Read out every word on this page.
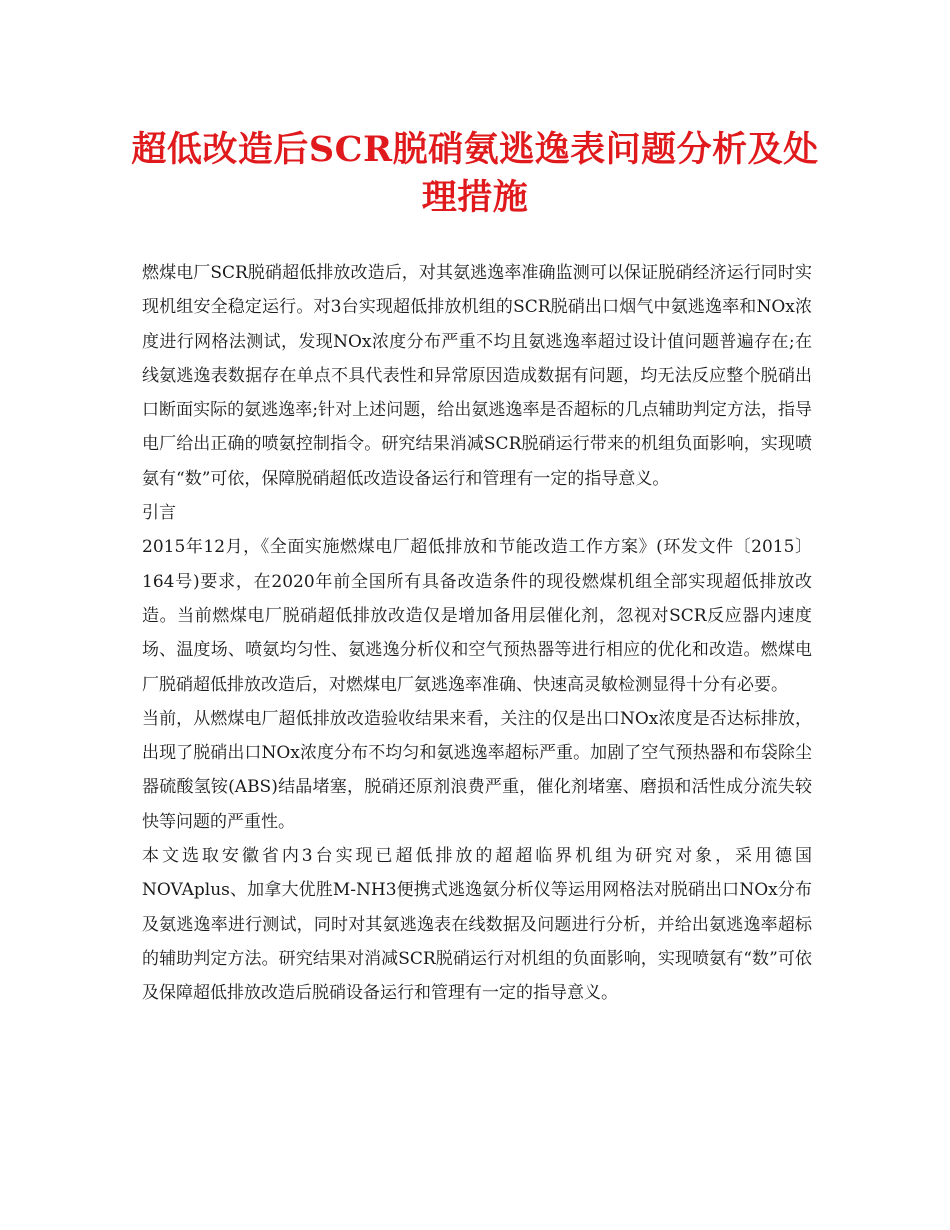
超低改造后SCR脱硝氨逃逸表问题分析及处理措施

燃煤电厂SCR脱硝超低排放改造后，对其氨逃逸率准确监测可以保证脱硝经济运行同时实现机组安全稳定运行。对3台实现超低排放机组的SCR脱硝出口烟气中氨逃逸率和NOx浓度进行网格法测试，发现NOx浓度分布严重不均且氨逃逸率超过设计值问题普遍存在;在线氨逃逸表数据存在单点不具代表性和异常原因造成数据有问题，均无法反应整个脱硝出口断面实际的氨逃逸率;针对上述问题，给出氨逃逸率是否超标的几点辅助判定方法，指导电厂给出正确的喷氨控制指令。研究结果消减SCR脱硝运行带来的机组负面影响，实现喷氨有“数”可依，保障脱硝超低改造设备运行和管理有一定的指导意义。

引言

2015年12月，《全面实施燃煤电厂超低排放和节能改造工作方案》(环发文件〔2015〕164号)要求，在2020年前全国所有具备改造条件的现役燃煤机组全部实现超低排放改造。当前燃煤电厂脱硝超低排放改造仅是增加备用层催化剂，忽视对SCR反应器内速度场、温度场、喷氨均匀性、氨逃逸分析仪和空气预热器等进行相应的优化和改造。燃煤电厂脱硝超低排放改造后，对燃煤电厂氨逃逸率准确、快速高灵敏检测显得十分有必要。

当前，从燃煤电厂超低排放改造验收结果来看，关注的仅是出口NOx浓度是否达标排放，出现了脱硝出口NOx浓度分布不均匀和氨逃逸率超标严重。加剧了空气预热器和布袋除尘器硫酸氢铵(ABS)结晶堵塞，脱硝还原剂浪费严重，催化剂堵塞、磨损和活性成分流失较快等问题的严重性。

本文选取安徽省内3台实现已超低排放的超超临界机组为研究对象，采用德国NOVAplus、加拿大优胜M-NH3便携式逃逸氨分析仪等运用网格法对脱硝出口NOx分布及氨逃逸率进行测试，同时对其氨逃逸表在线数据及问题进行分析，并给出氨逃逸率超标的辅助判定方法。研究结果对消减SCR脱硝运行对机组的负面影响，实现喷氨有“数”可依及保障超低排放改造后脱硝设备运行和管理有一定的指导意义。
